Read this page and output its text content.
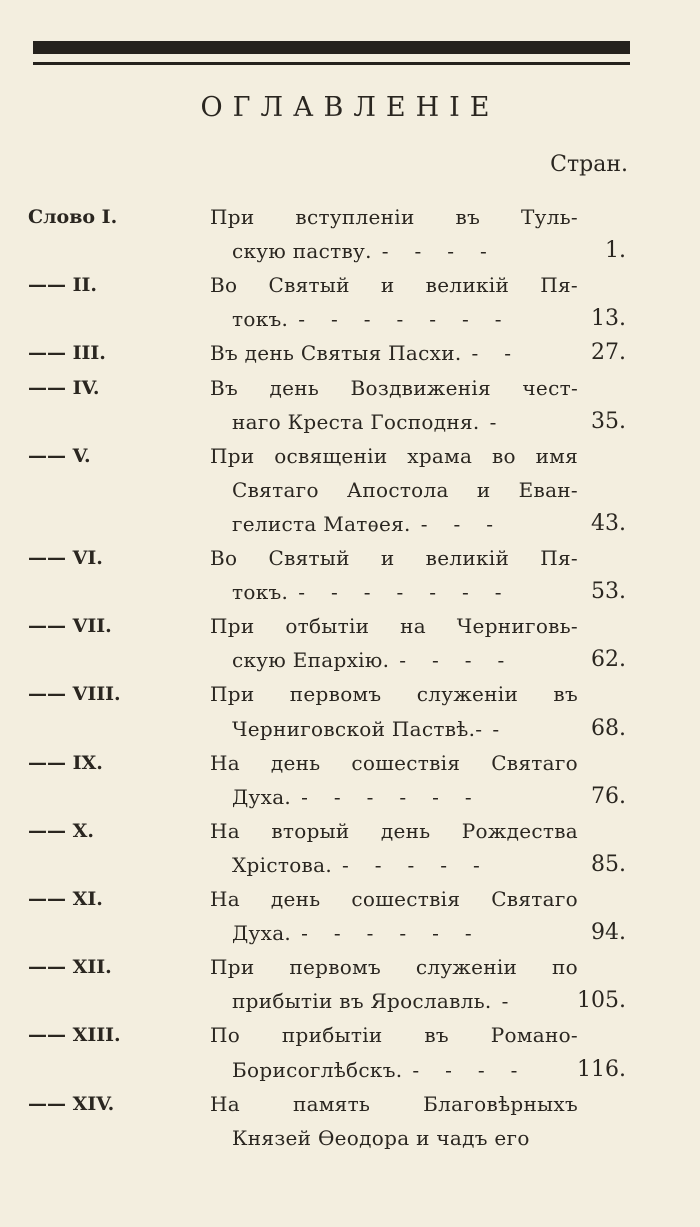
ОГЛАВЛЕНІЕ
Стран.
Слово I.	При вступленіи въ Туль-
скую паству. ----	1.
—— II.	Во Святый и великій Пя-
токъ. -------	13.
—— III.	Въ день Святыя Пасхи. --	27.
—— IV.	Въ день Воздвиженія чест-
наго Креста Господня. -	35.
—— V.	При освященіи храма во имя
Святаго Апостола и Еван-
гелиста Матѳея. ---	43.
—— VI.	Во Святый и великій Пя-
токъ. -------	53.
—— VII.	При отбытіи на Черниговь-
скую Епархію. ----	62.
—— VIII.	При первомъ служеніи въ
Черниговской Паствѣ.- -	68.
—— IX.	На день сошествія Святаго
Духа. ------	76.
—— X.	На вторый день Рождества
Хрістова. -----	85.
—— XI.	На день сошествія Святаго
Духа. ------	94.
—— XII.	При первомъ служеніи по
прибытіи въ Ярославль. -	105.
—— XIII.	По прибытіи въ Романо-
Борисоглѣбскъ. ----	116.
—— XIV.	На память Благовѣрныхъ
Князей Ѳеодора и чадъ его
